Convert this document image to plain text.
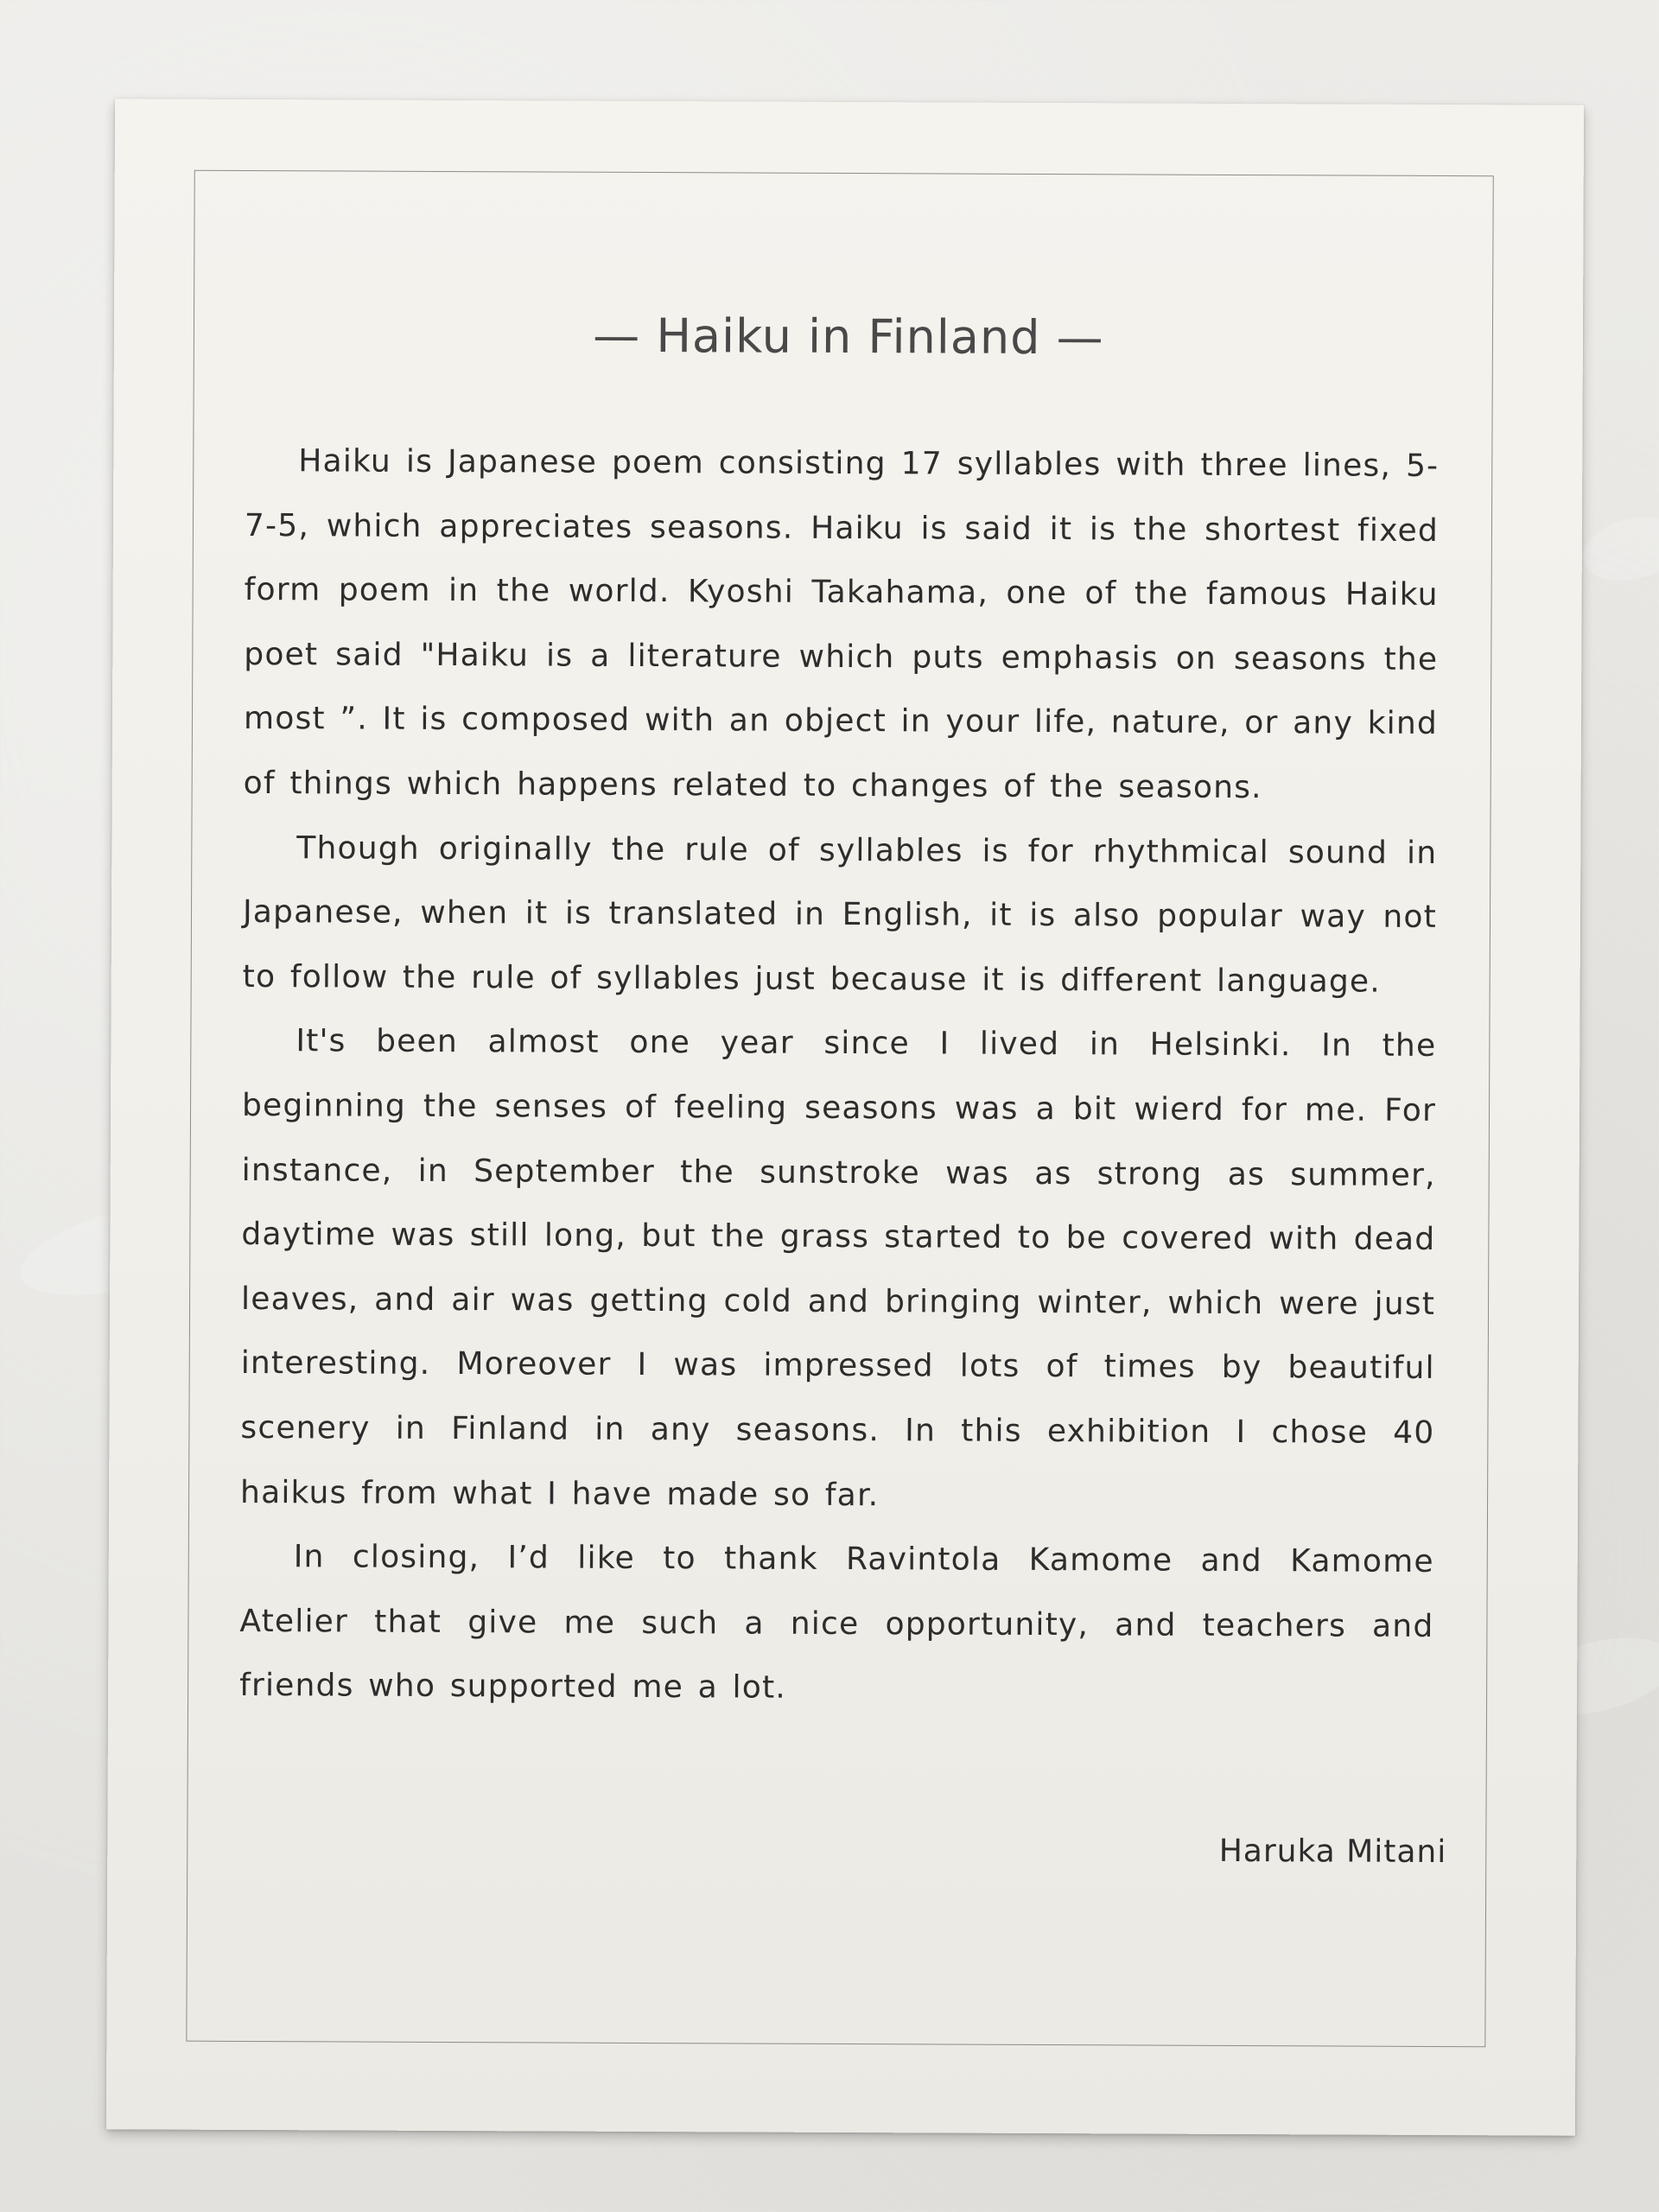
— Haiku in Finland —

Haiku is Japanese poem consisting 17 syllables with three lines, 5-7-5, which appreciates seasons. Haiku is said it is the shortest fixed form poem in the world. Kyoshi Takahama, one of the famous Haiku poet said "Haiku is a literature which puts emphasis on seasons the most ”. It is composed with an object in your life, nature, or any kind of things which happens related to changes of the seasons.

Though originally the rule of syllables is for rhythmical sound in Japanese, when it is translated in English, it is also popular way not to follow the rule of syllables just because it is different language.

It's been almost one year since I lived in Helsinki. In the beginning the senses of feeling seasons was a bit wierd for me. For instance, in September the sunstroke was as strong as summer, daytime was still long, but the grass started to be covered with dead leaves, and air was getting cold and bringing winter, which were just interesting. Moreover I was impressed lots of times by beautiful scenery in Finland in any seasons. In this exhibition I chose 40 haikus from what I have made so far.

In closing, I’d like to thank Ravintola Kamome and Kamome Atelier that give me such a nice opportunity, and teachers and friends who supported me a lot.

Haruka Mitani
